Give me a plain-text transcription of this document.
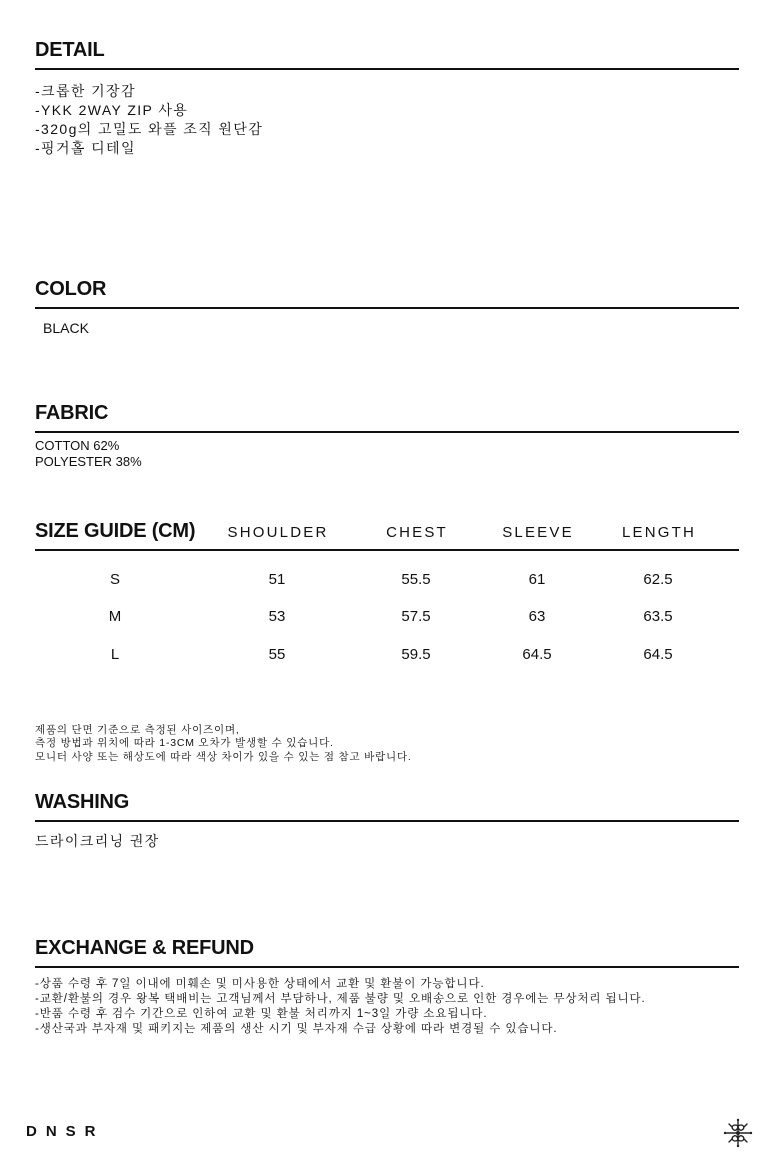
DETAIL
-크롭한 기장감
-YKK 2WAY ZIP 사용
-320g의 고밀도 와플 조직 원단감
-핑거홀 디테일
COLOR
BLACK
FABRIC
COTTON 62%
POLYESTER 38%
SIZE GUIDE (CM) SHOULDER	CHEST	SLEEVE	LENGTH
S	51	55.5	61	62.5
M	53	57.5	63	63.5
L	55	59.5	64.5	64.5
제품의 단면 기준으로 측정된 사이즈이며,
측정 방법과 위치에 따라 1-3CM 오차가 발생할 수 있습니다.
모니터 사양 또는 해상도에 따라 색상 차이가 있을 수 있는 점 참고 바랍니다.
WASHING
드라이크리닝 권장
EXCHANGE & REFUND
-상품 수령 후 7일 이내에 미훼손 및 미사용한 상태에서 교환 및 환불이 가능합니다.
-교환/환불의 경우 왕복 택배비는 고객님께서 부담하나, 제품 불량 및 오배송으로 인한 경우에는 무상처리 됩니다.
-반품 수령 후 검수 기간으로 인하여 교환 및 환불 처리까지 1~3일 가량 소요됩니다.
-생산국과 부자재 및 패키지는 제품의 생산 시기 및 부자재 수급 상황에 따라 변경될 수 있습니다.
DNSR
